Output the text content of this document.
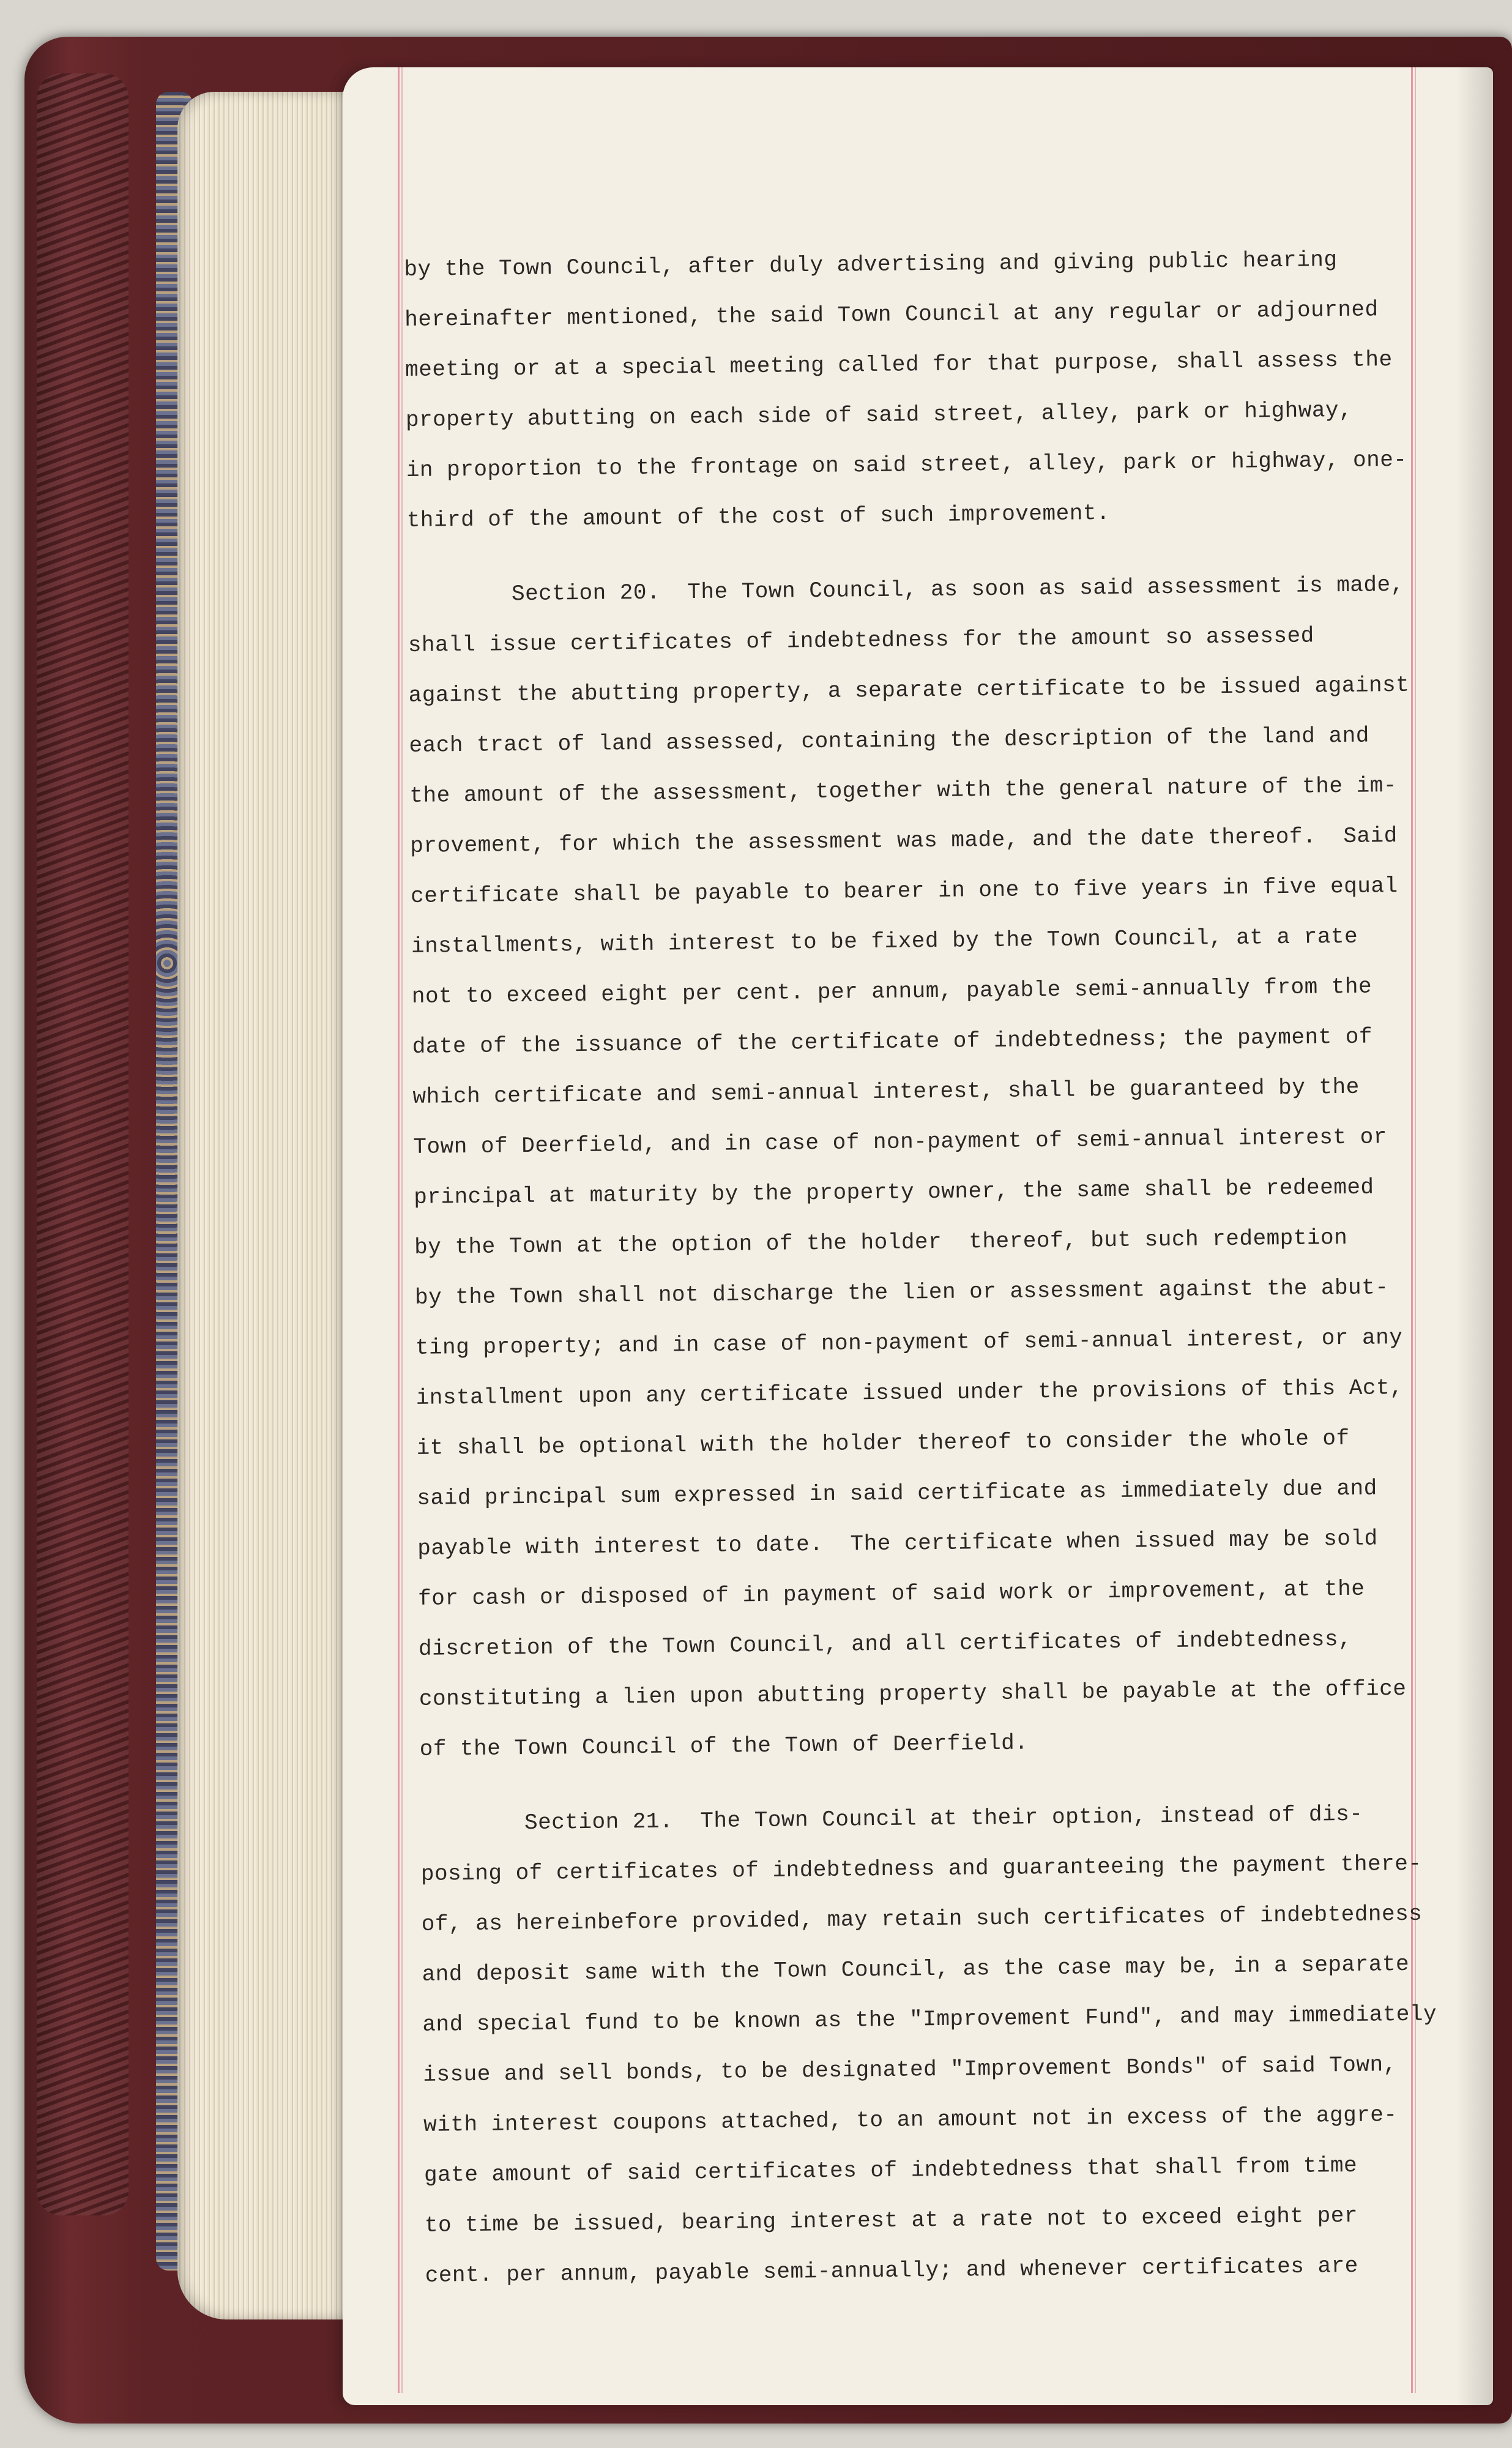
by the Town Council, after duly advertising and giving public hearing
hereinafter mentioned, the said Town Council at any regular or adjourned
meeting or at a special meeting called for that purpose, shall assess the
property abutting on each side of said street, alley, park or highway,
in proportion to the frontage on said street, alley, park or highway, one-
third of the amount of the cost of such improvement.
Section 20.  The Town Council, as soon as said assessment is made,
shall issue certificates of indebtedness for the amount so assessed
against the abutting property, a separate certificate to be issued against
each tract of land assessed, containing the description of the land and
the amount of the assessment, together with the general nature of the im-
provement, for which the assessment was made, and the date thereof.  Said
certificate shall be payable to bearer in one to five years in five equal
installments, with interest to be fixed by the Town Council, at a rate
not to exceed eight per cent. per annum, payable semi-annually from the
date of the issuance of the certificate of indebtedness; the payment of
which certificate and semi-annual interest, shall be guaranteed by the
Town of Deerfield, and in case of non-payment of semi-annual interest or
principal at maturity by the property owner, the same shall be redeemed
by the Town at the option of the holder  thereof, but such redemption
by the Town shall not discharge the lien or assessment against the abut-
ting property; and in case of non-payment of semi-annual interest, or any
installment upon any certificate issued under the provisions of this Act,
it shall be optional with the holder thereof to consider the whole of
said principal sum expressed in said certificate as immediately due and
payable with interest to date.  The certificate when issued may be sold
for cash or disposed of in payment of said work or improvement, at the
discretion of the Town Council, and all certificates of indebtedness,
constituting a lien upon abutting property shall be payable at the office
of the Town Council of the Town of Deerfield.
Section 21.  The Town Council at their option, instead of dis-
posing of certificates of indebtedness and guaranteeing the payment there-
of, as hereinbefore provided, may retain such certificates of indebtedness
and deposit same with the Town Council, as the case may be, in a separate
and special fund to be known as the "Improvement Fund", and may immediately
issue and sell bonds, to be designated "Improvement Bonds" of said Town,
with interest coupons attached, to an amount not in excess of the aggre-
gate amount of said certificates of indebtedness that shall from time
to time be issued, bearing interest at a rate not to exceed eight per
cent. per annum, payable semi-annually; and whenever certificates are
